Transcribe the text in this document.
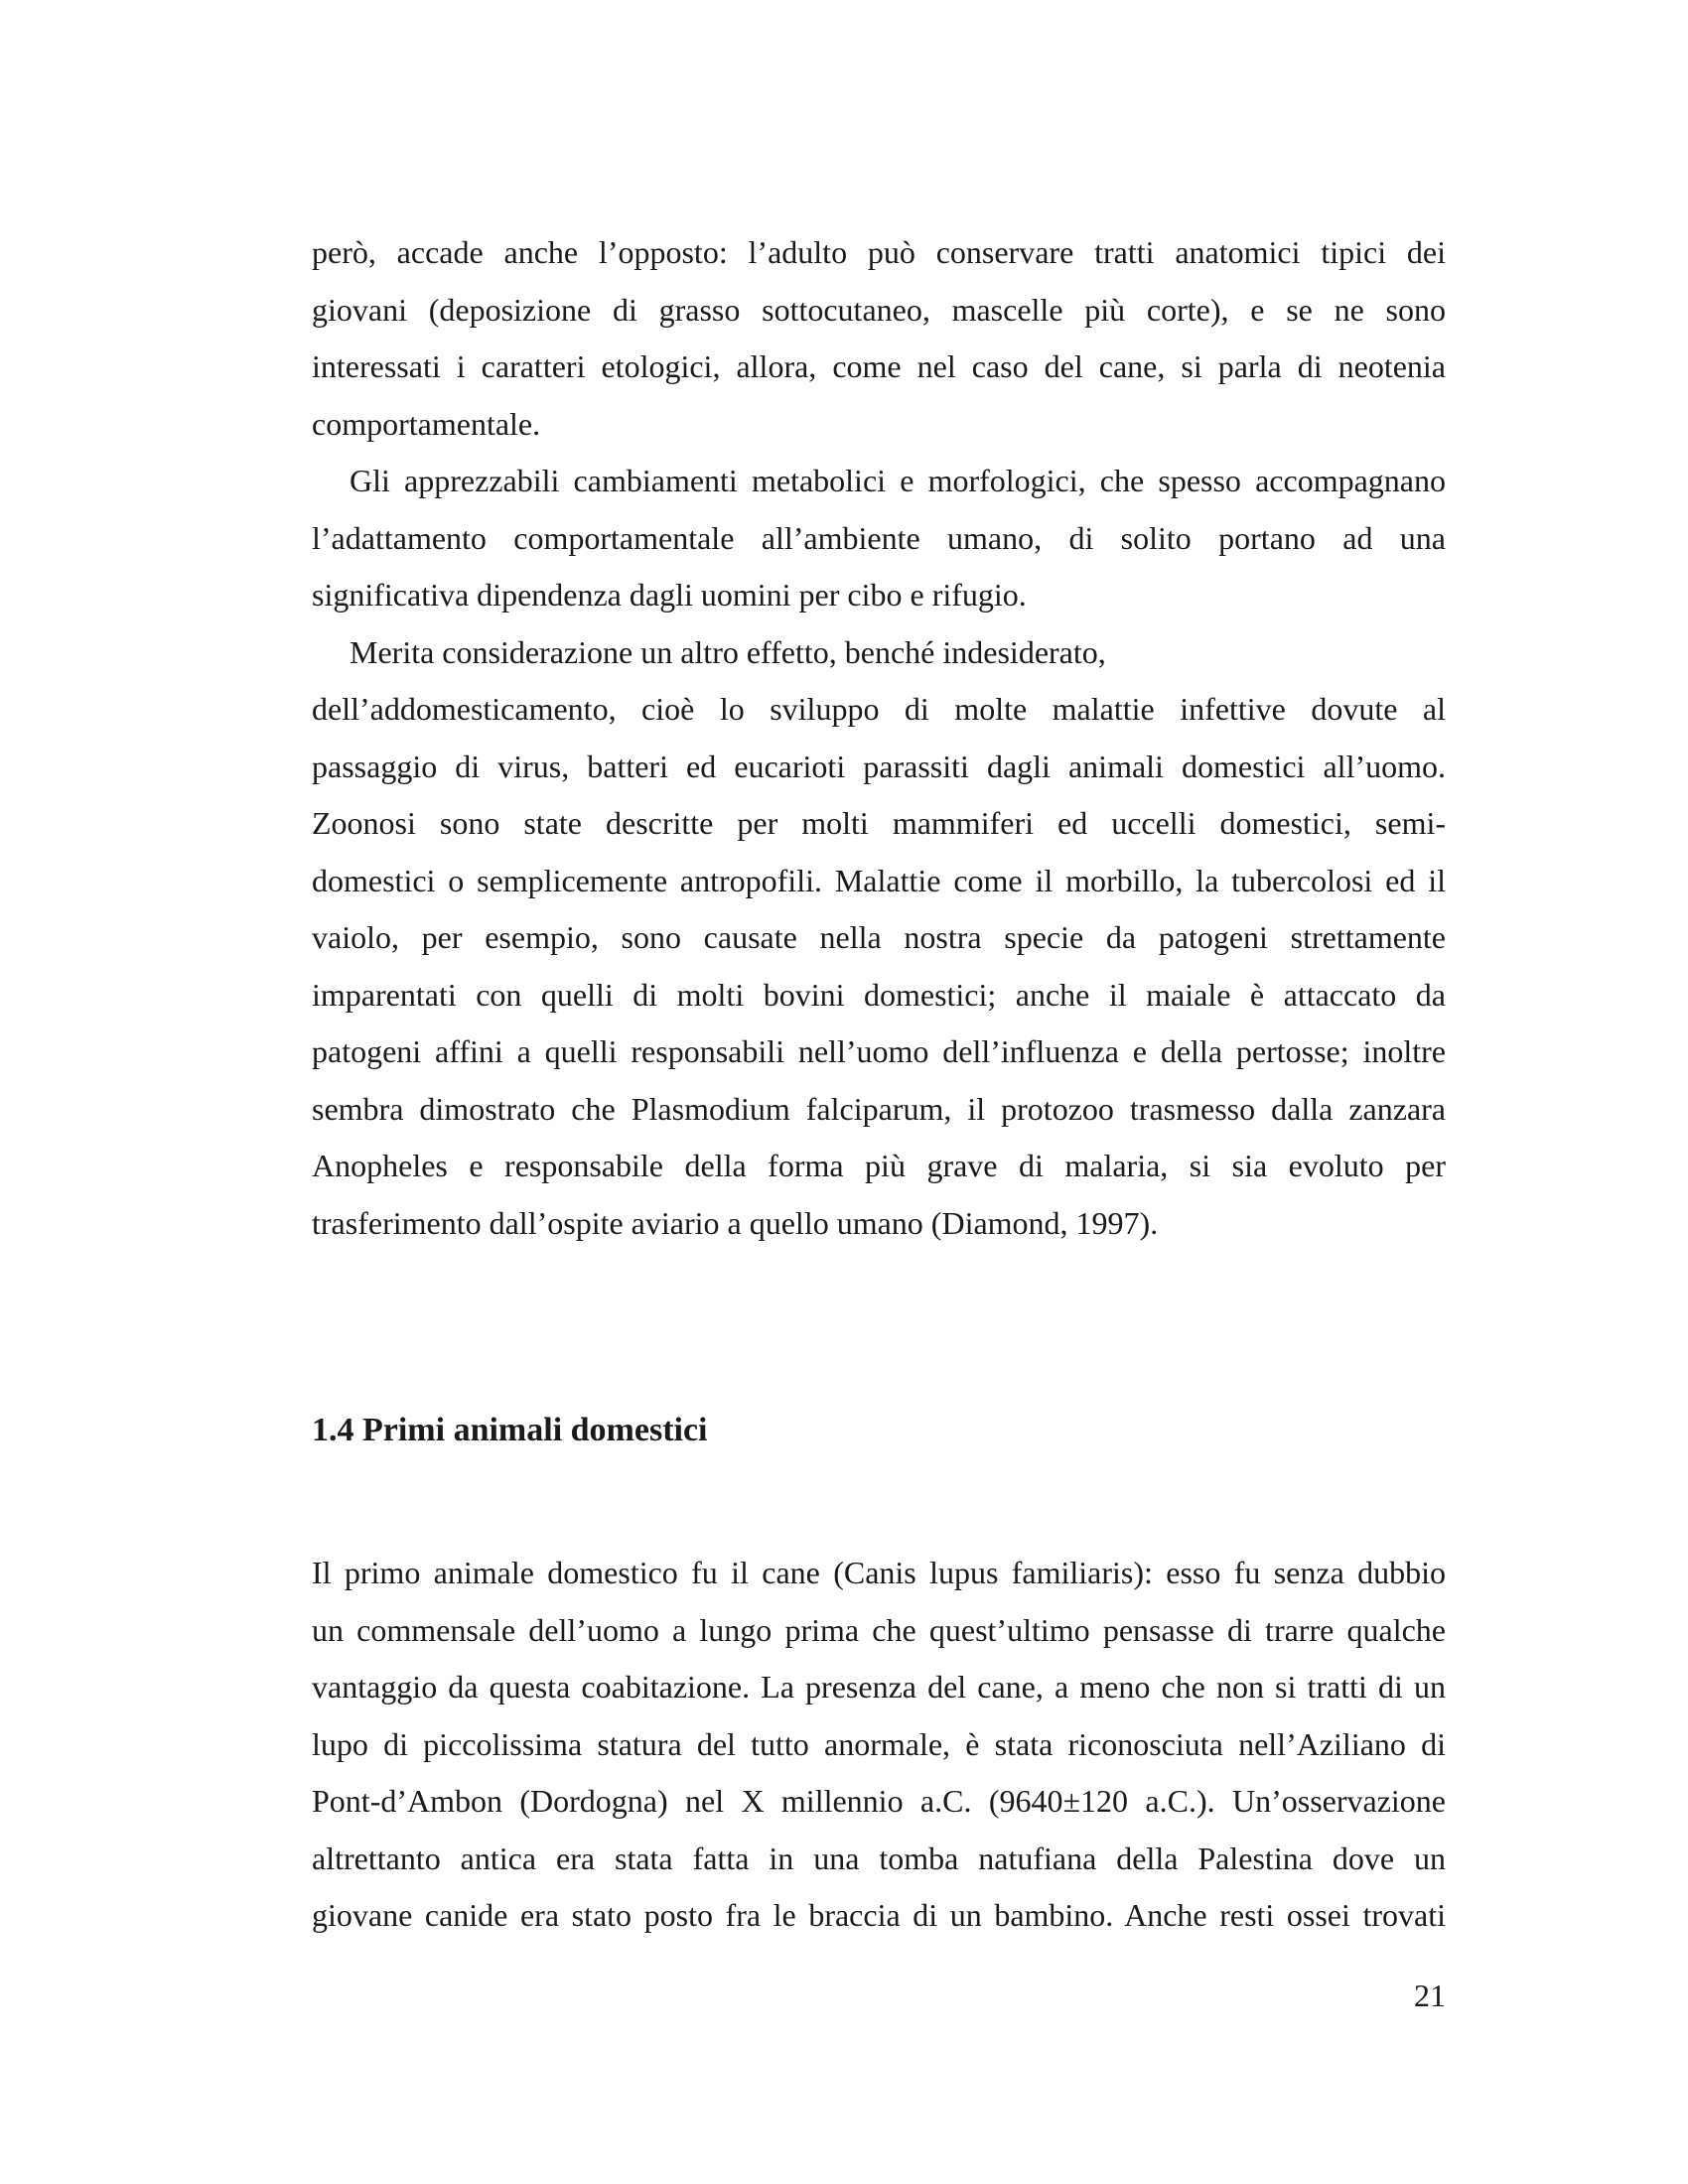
però, accade anche l’opposto: l’adulto può conservare tratti anatomici tipici dei
giovani (deposizione di grasso sottocutaneo, mascelle più corte), e se ne sono
interessati i caratteri etologici, allora, come nel caso del cane, si parla di neotenia
comportamentale.
Gli apprezzabili cambiamenti metabolici e morfologici, che spesso accompagnano
l’adattamento comportamentale all’ambiente umano, di solito portano ad una
significativa dipendenza dagli uomini per cibo e rifugio.
Merita considerazione un altro effetto, benché indesiderato,
dell’addomesticamento, cioè lo sviluppo di molte malattie infettive dovute al
passaggio di virus, batteri ed eucarioti parassiti dagli animali domestici all’uomo.
Zoonosi sono state descritte per molti mammiferi ed uccelli domestici, semi-
domestici o semplicemente antropofili. Malattie come il morbillo, la tubercolosi ed il
vaiolo, per esempio, sono causate nella nostra specie da patogeni strettamente
imparentati con quelli di molti bovini domestici; anche il maiale è attaccato da
patogeni affini a quelli responsabili nell’uomo dell’influenza e della pertosse; inoltre
sembra dimostrato che Plasmodium falciparum, il protozoo trasmesso dalla zanzara
Anopheles e responsabile della forma più grave di malaria, si sia evoluto per
trasferimento dall’ospite aviario a quello umano (Diamond, 1997).
1.4 Primi animali domestici
Il primo animale domestico fu il cane (Canis lupus familiaris): esso fu senza dubbio
un commensale dell’uomo a lungo prima che quest’ultimo pensasse di trarre qualche
vantaggio da questa coabitazione. La presenza del cane, a meno che non si tratti di un
lupo di piccolissima statura del tutto anormale, è stata riconosciuta nell’Aziliano di
Pont-d’Ambon (Dordogna) nel X millennio a.C. (9640±120 a.C.). Un’osservazione
altrettanto antica era stata fatta in una tomba natufiana della Palestina dove un
giovane canide era stato posto fra le braccia di un bambino. Anche resti ossei trovati
21
